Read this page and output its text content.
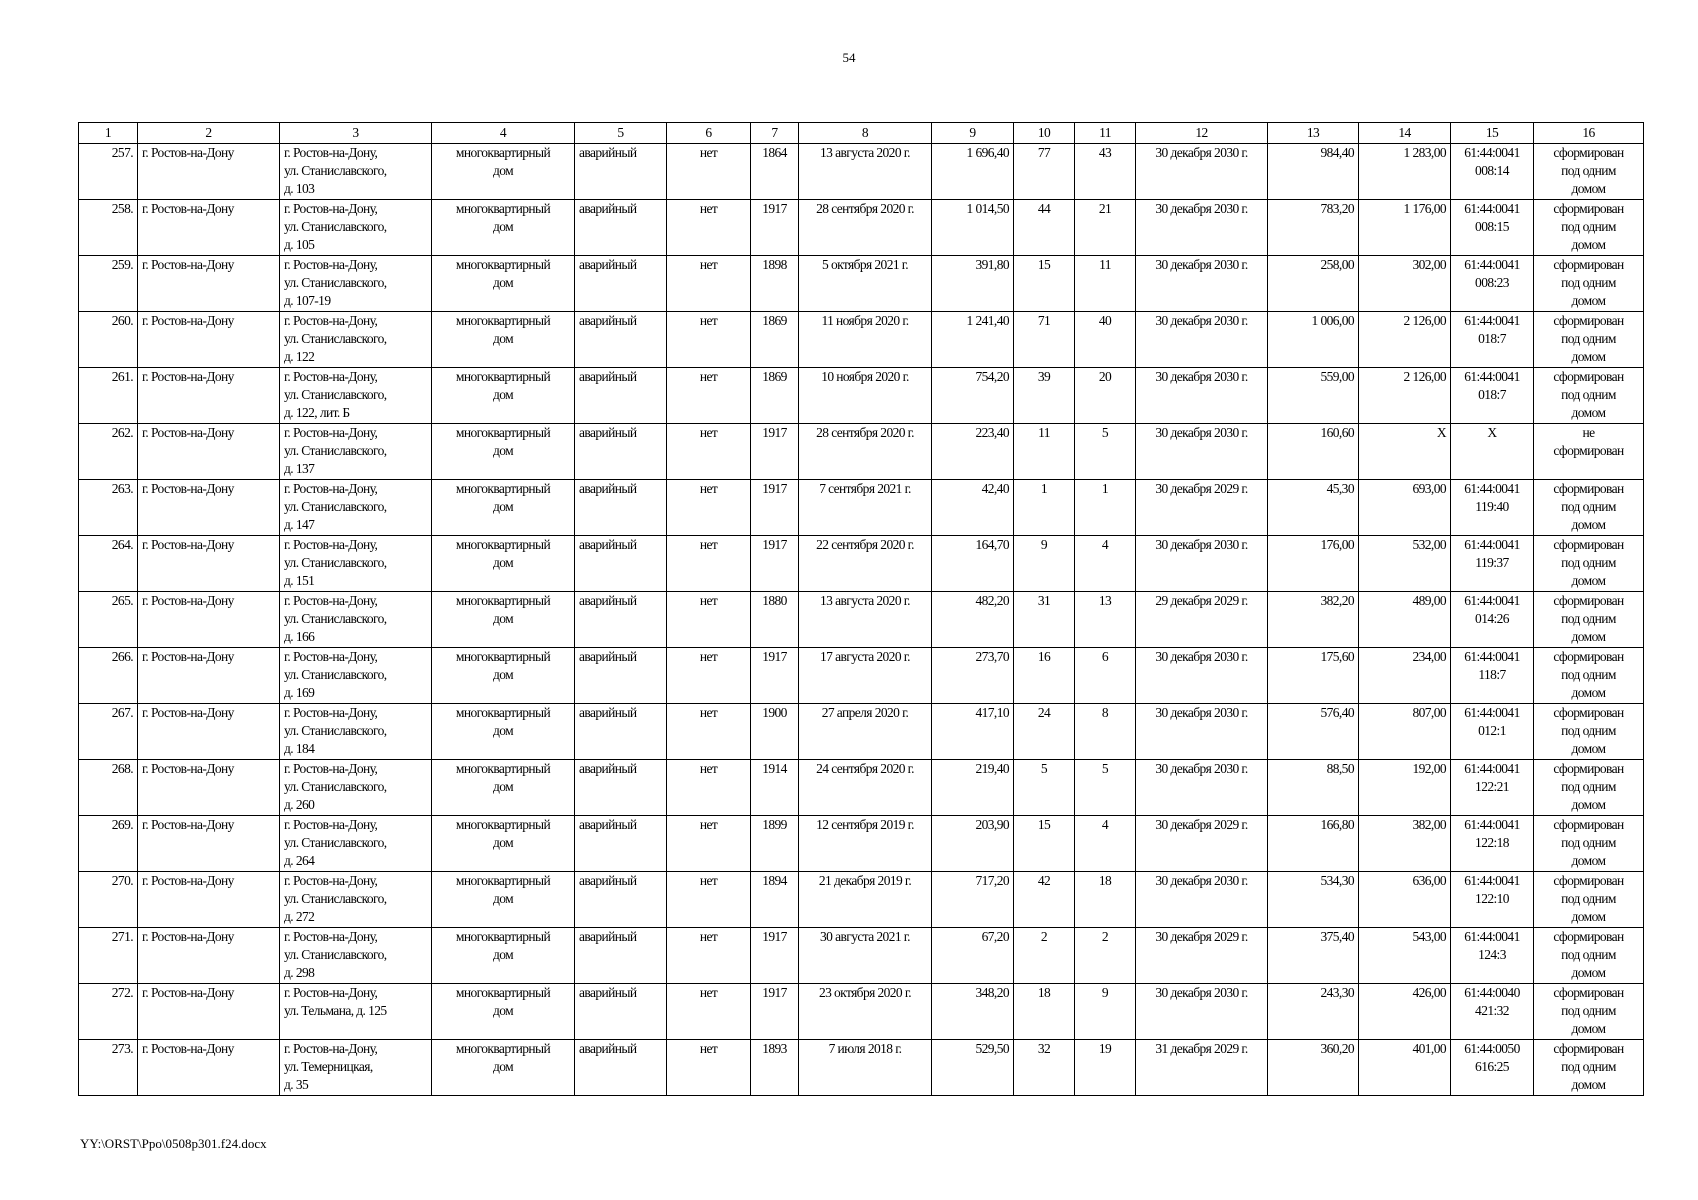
54
1	2	3	4	5	6	7	8	9	10	11	12	13	14	15	16

257.	г. Ростов-на-Дону	г. Ростов-на-Дону,
ул. Станиславского,
д. 103	многоквартирный
дом	аварийный	нет	1864	13 августа 2020 г.	1 696,40	77	43	30 декабря 2030 г.	984,40	1 283,00	61:44:0041
008:14	сформирован
под одним
домом

258.	г. Ростов-на-Дону	г. Ростов-на-Дону,
ул. Станиславского,
д. 105	многоквартирный
дом	аварийный	нет	1917	28 сентября 2020 г.	1 014,50	44	21	30 декабря 2030 г.	783,20	1 176,00	61:44:0041
008:15	сформирован
под одним
домом

259.	г. Ростов-на-Дону	г. Ростов-на-Дону,
ул. Станиславского,
д. 107-19	многоквартирный
дом	аварийный	нет	1898	5 октября 2021 г.	391,80	15	11	30 декабря 2030 г.	258,00	302,00	61:44:0041
008:23	сформирован
под одним
домом

260.	г. Ростов-на-Дону	г. Ростов-на-Дону,
ул. Станиславского,
д. 122	многоквартирный
дом	аварийный	нет	1869	11 ноября 2020 г.	1 241,40	71	40	30 декабря 2030 г.	1 006,00	2 126,00	61:44:0041
018:7	сформирован
под одним
домом

261.	г. Ростов-на-Дону	г. Ростов-на-Дону,
ул. Станиславского,
д. 122, лит. Б	многоквартирный
дом	аварийный	нет	1869	10 ноября 2020 г.	754,20	39	20	30 декабря 2030 г.	559,00	2 126,00	61:44:0041
018:7	сформирован
под одним
домом

262.	г. Ростов-на-Дону	г. Ростов-на-Дону,
ул. Станиславского,
д. 137	многоквартирный
дом	аварийный	нет	1917	28 сентября 2020 г.	223,40	11	5	30 декабря 2030 г.	160,60	Х	Х	не
сформирован

263.	г. Ростов-на-Дону	г. Ростов-на-Дону,
ул. Станиславского,
д. 147	многоквартирный
дом	аварийный	нет	1917	7 сентября 2021 г.	42,40	1	1	30 декабря 2029 г.	45,30	693,00	61:44:0041
119:40	сформирован
под одним
домом

264.	г. Ростов-на-Дону	г. Ростов-на-Дону,
ул. Станиславского,
д. 151	многоквартирный
дом	аварийный	нет	1917	22 сентября 2020 г.	164,70	9	4	30 декабря 2030 г.	176,00	532,00	61:44:0041
119:37	сформирован
под одним
домом

265.	г. Ростов-на-Дону	г. Ростов-на-Дону,
ул. Станиславского,
д. 166	многоквартирный
дом	аварийный	нет	1880	13 августа 2020 г.	482,20	31	13	29 декабря 2029 г.	382,20	489,00	61:44:0041
014:26	сформирован
под одним
домом

266.	г. Ростов-на-Дону	г. Ростов-на-Дону,
ул. Станиславского,
д. 169	многоквартирный
дом	аварийный	нет	1917	17 августа 2020 г.	273,70	16	6	30 декабря 2030 г.	175,60	234,00	61:44:0041
118:7	сформирован
под одним
домом

267.	г. Ростов-на-Дону	г. Ростов-на-Дону,
ул. Станиславского,
д. 184	многоквартирный
дом	аварийный	нет	1900	27 апреля 2020 г.	417,10	24	8	30 декабря 2030 г.	576,40	807,00	61:44:0041
012:1	сформирован
под одним
домом

268.	г. Ростов-на-Дону	г. Ростов-на-Дону,
ул. Станиславского,
д. 260	многоквартирный
дом	аварийный	нет	1914	24 сентября 2020 г.	219,40	5	5	30 декабря 2030 г.	88,50	192,00	61:44:0041
122:21	сформирован
под одним
домом

269.	г. Ростов-на-Дону	г. Ростов-на-Дону,
ул. Станиславского,
д. 264	многоквартирный
дом	аварийный	нет	1899	12 сентября 2019 г.	203,90	15	4	30 декабря 2029 г.	166,80	382,00	61:44:0041
122:18	сформирован
под одним
домом

270.	г. Ростов-на-Дону	г. Ростов-на-Дону,
ул. Станиславского,
д. 272	многоквартирный
дом	аварийный	нет	1894	21 декабря 2019 г.	717,20	42	18	30 декабря 2030 г.	534,30	636,00	61:44:0041
122:10	сформирован
под одним
домом

271.	г. Ростов-на-Дону	г. Ростов-на-Дону,
ул. Станиславского,
д. 298	многоквартирный
дом	аварийный	нет	1917	30 августа 2021 г.	67,20	2	2	30 декабря 2029 г.	375,40	543,00	61:44:0041
124:3	сформирован
под одним
домом

272.	г. Ростов-на-Дону	г. Ростов-на-Дону,
ул. Тельмана, д. 125	многоквартирный
дом	аварийный	нет	1917	23 октября 2020 г.	348,20	18	9	30 декабря 2030 г.	243,30	426,00	61:44:0040
421:32	сформирован
под одним
домом

273.	г. Ростов-на-Дону	г. Ростов-на-Дону,
ул. Темерницкая,
д. 35	многоквартирный
дом	аварийный	нет	1893	7 июля 2018 г.	529,50	32	19	31 декабря 2029 г.	360,20	401,00	61:44:0050
616:25	сформирован
под одним
домом
YY:\ORST\Ppo\0508p301.f24.docx
